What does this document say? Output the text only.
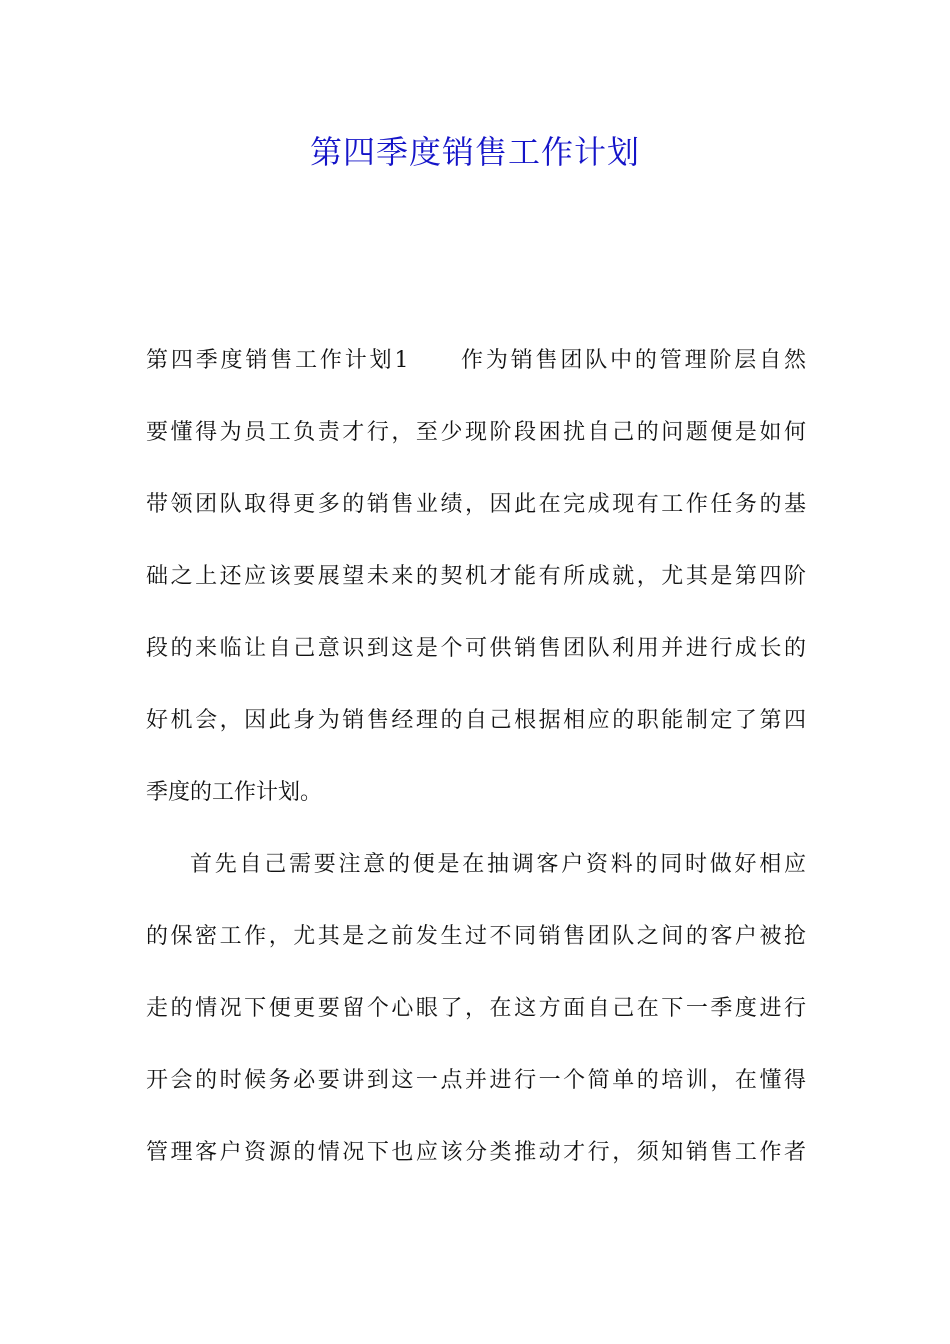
第四季度销售工作计划
第四季度销售工作计划1　　作为销售团队中的管理阶层自然
要懂得为员工负责才行，至少现阶段困扰自己的问题便是如何
带领团队取得更多的销售业绩，因此在完成现有工作任务的基
础之上还应该要展望未来的契机才能有所成就，尤其是第四阶
段的来临让自己意识到这是个可供销售团队利用并进行成长的
好机会，因此身为销售经理的自己根据相应的职能制定了第四
季度的工作计划。
首先自己需要注意的便是在抽调客户资料的同时做好相应
的保密工作，尤其是之前发生过不同销售团队之间的客户被抢
走的情况下便更要留个心眼了，在这方面自己在下一季度进行
开会的时候务必要讲到这一点并进行一个简单的培训，在懂得
管理客户资源的情况下也应该分类推动才行，须知销售工作者
